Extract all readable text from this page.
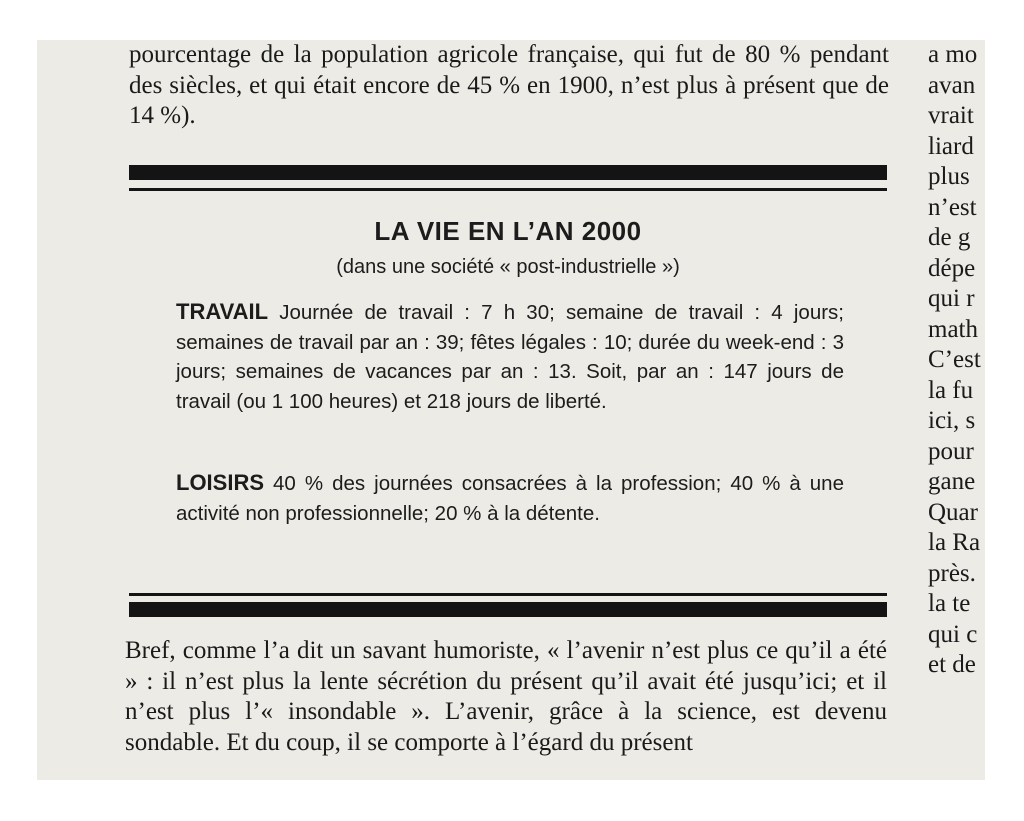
pourcentage de la population agricole française, qui fut de 80 % pendant des siècles, et qui était encore de 45 % en 1900, n’est plus à présent que de 14 %).

LA VIE EN L’AN 2000
(dans une société « post-industrielle »)

TRAVAIL Journée de travail : 7 h 30; semaine de travail : 4 jours; semaines de travail par an : 39; fêtes légales : 10; durée du week-end : 3 jours; semaines de vacances par an : 13. Soit, par an : 147 jours de travail (ou 1 100 heures) et 218 jours de liberté.

LOISIRS 40 % des journées consacrées à la profession; 40 % à une activité non professionnelle; 20 % à la détente.

Bref, comme l’a dit un savant humoriste, « l’avenir n’est plus ce qu’il a été » : il n’est plus la lente sécrétion du présent qu’il avait été jusqu’ici; et il n’est plus l’« insondable ». L’avenir, grâce à la science, est devenu sondable. Et du coup, il se comporte à l’égard du présent

a mo
avan
vrait
liard
plus
n’est
de g
dépe
qui r
math
C’est
la fu
ici, s
pour
gane
Quar
la Ra
près.
la te
qui c
et de
